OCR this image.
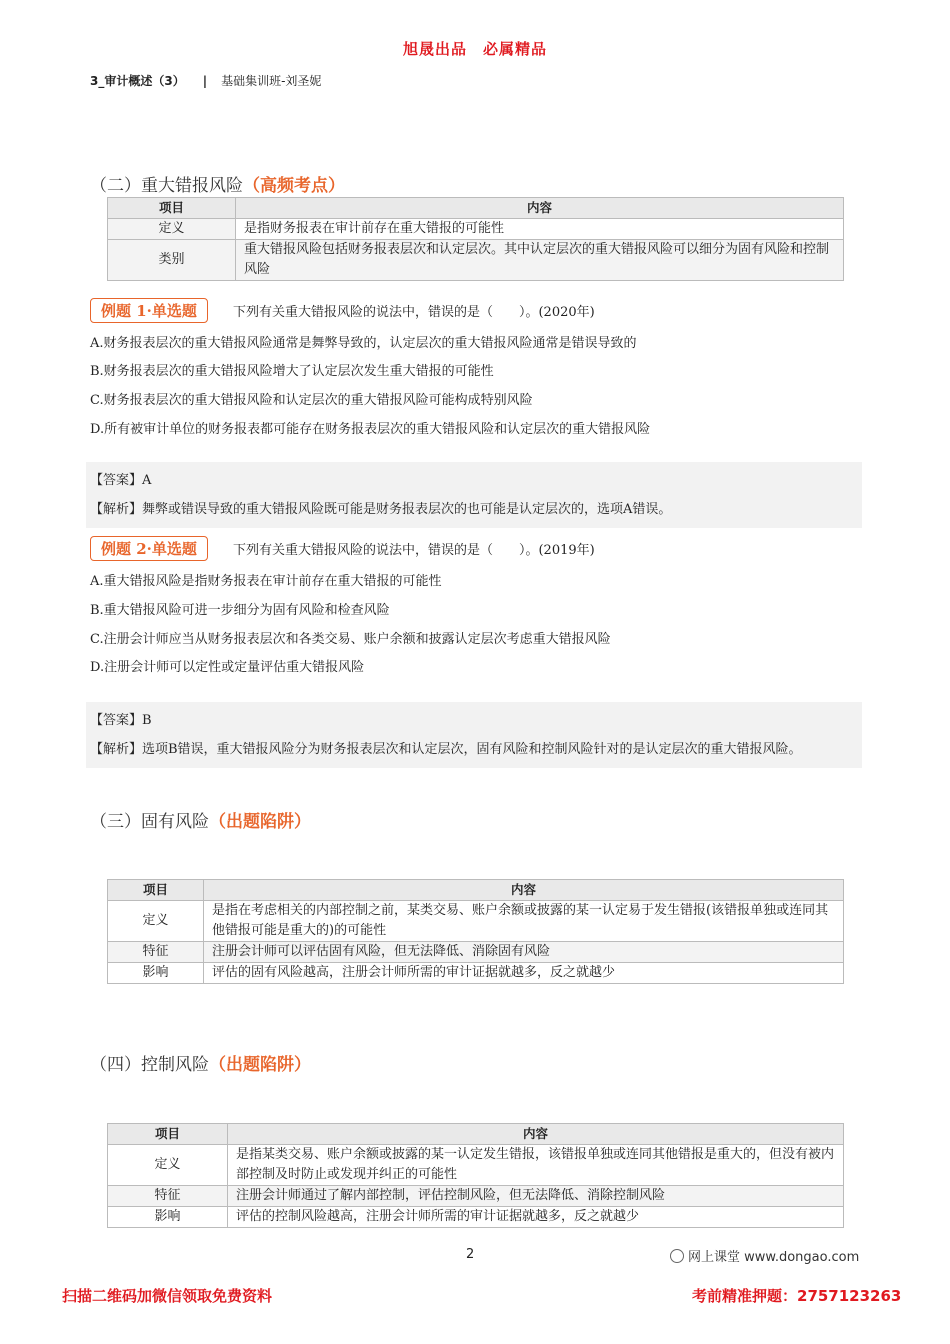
旭晟出品　必属精品
3_审计概述（3） | 基础集训班-刘圣妮
（二）重大错报风险（高频考点）
项目	内容
定义	是指财务报表在审计前存在重大错报的可能性
类别	重大错报风险包括财务报表层次和认定层次。其中认定层次的重大错报风险可以细分为固有风险和控制风险
例题 1·单选题	下列有关重大错报风险的说法中，错误的是（　　）。(2020年)
A.财务报表层次的重大错报风险通常是舞弊导致的，认定层次的重大错报风险通常是错误导致的
B.财务报表层次的重大错报风险增大了认定层次发生重大错报的可能性
C.财务报表层次的重大错报风险和认定层次的重大错报风险可能构成特别风险
D.所有被审计单位的财务报表都可能存在财务报表层次的重大错报风险和认定层次的重大错报风险
【答案】A
【解析】舞弊或错误导致的重大错报风险既可能是财务报表层次的也可能是认定层次的，选项A错误。
例题 2·单选题	下列有关重大错报风险的说法中，错误的是（　　）。(2019年)
A.重大错报风险是指财务报表在审计前存在重大错报的可能性
B.重大错报风险可进一步细分为固有风险和检查风险
C.注册会计师应当从财务报表层次和各类交易、账户余额和披露认定层次考虑重大错报风险
D.注册会计师可以定性或定量评估重大错报风险
【答案】B
【解析】选项B错误，重大错报风险分为财务报表层次和认定层次，固有风险和控制风险针对的是认定层次的重大错报风险。
（三）固有风险（出题陷阱）
项目	内容
定义	是指在考虑相关的内部控制之前，某类交易、账户余额或披露的某一认定易于发生错报(该错报单独或连同其他错报可能是重大的)的可能性
特征	注册会计师可以评估固有风险，但无法降低、消除固有风险
影响	评估的固有风险越高，注册会计师所需的审计证据就越多，反之就越少
（四）控制风险（出题陷阱）
项目	内容
定义	是指某类交易、账户余额或披露的某一认定发生错报，该错报单独或连同其他错报是重大的，但没有被内部控制及时防止或发现并纠正的可能性
特征	注册会计师通过了解内部控制，评估控制风险，但无法降低、消除控制风险
影响	评估的控制风险越高，注册会计师所需的审计证据就越多，反之就越少
2	网上课堂 www.dongao.com
扫描二维码加微信领取免费资料	考前精准押题：2757123263
